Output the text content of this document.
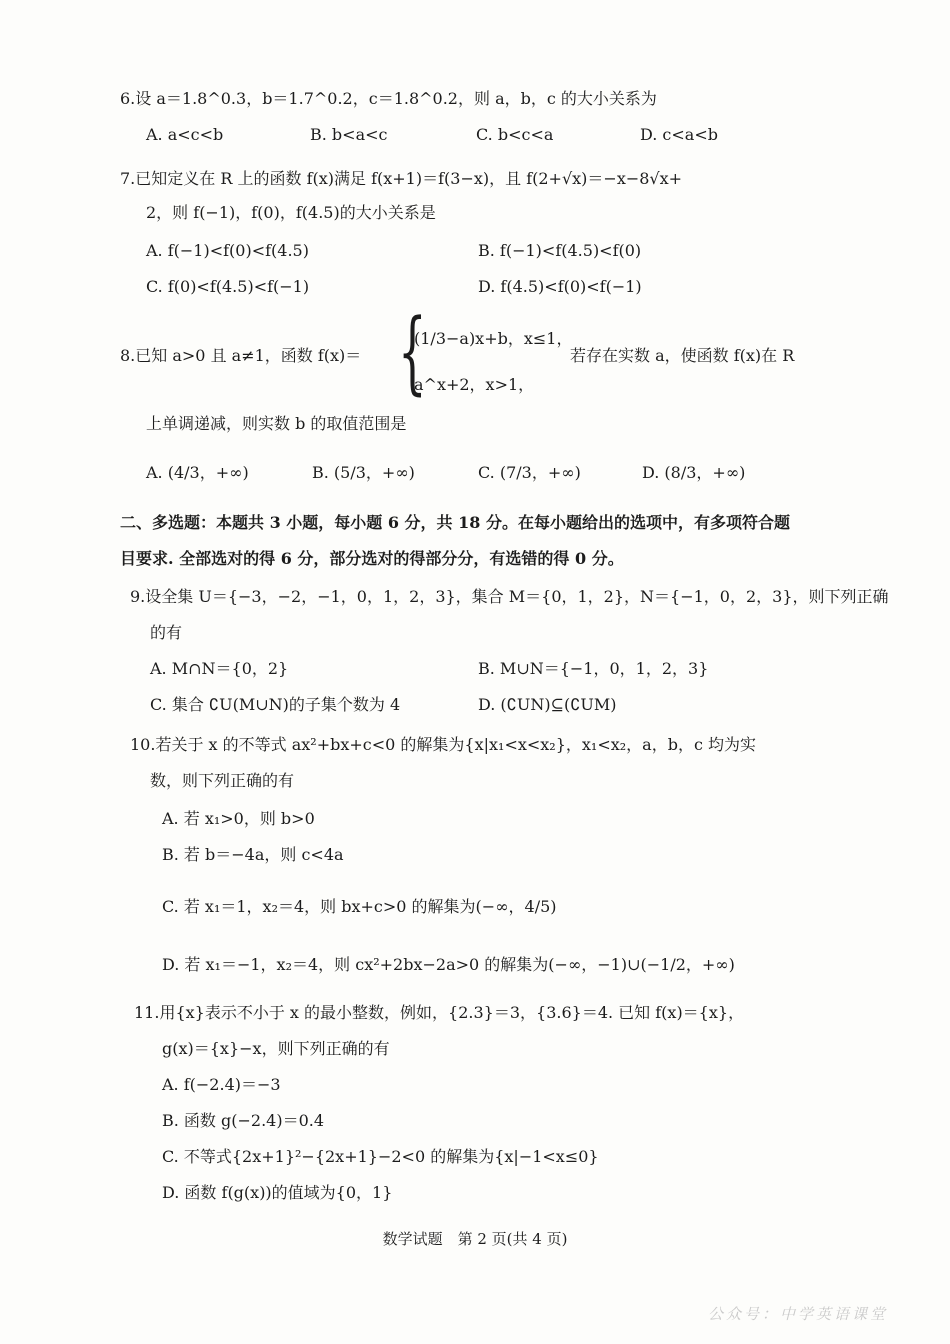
6.设 a＝1.8^0.3，b＝1.7^0.2，c＝1.8^0.2，则 a，b，c 的大小关系为
A. a<c<b	B. b<a<c	C. b<c<a	D. c<a<b
7.已知定义在 R 上的函数 f(x)满足 f(x+1)＝f(3−x)，且 f(2+√x)＝−x−8√x+
2，则 f(−1)，f(0)，f(4.5)的大小关系是
A. f(−1)<f(0)<f(4.5)	B. f(−1)<f(4.5)<f(0)
C. f(0)<f(4.5)<f(−1)	D. f(4.5)<f(0)<f(−1)
8.已知 a>0 且 a≠1，函数 f(x)＝ {
(1/3−a)x+b，x≤1，
a^x+2，x>1，
若存在实数 a，使函数 f(x)在 R
上单调递减，则实数 b 的取值范围是
A. (4/3，+∞)	B. (5/3，+∞)	C. (7/3，+∞)	D. (8/3，+∞)
二、多选题：本题共 3 小题，每小题 6 分，共 18 分。在每小题给出的选项中，有多项符合题
目要求. 全部选对的得 6 分，部分选对的得部分分，有选错的得 0 分。
9.设全集 U＝{−3，−2，−1，0，1，2，3}，集合 M＝{0，1，2}，N＝{−1，0，2，3}，则下列正确
的有
A. M∩N＝{0，2}	B. M∪N＝{−1，0，1，2，3}
C. 集合 ∁U(M∪N)的子集个数为 4	D. (∁UN)⊆(∁UM)
10.若关于 x 的不等式 ax²+bx+c<0 的解集为{x|x₁<x<x₂}，x₁<x₂，a，b，c 均为实
数，则下列正确的有
A. 若 x₁>0，则 b>0
B. 若 b＝−4a，则 c<4a
C. 若 x₁＝1，x₂＝4，则 bx+c>0 的解集为(−∞，4/5)
D. 若 x₁＝−1，x₂＝4，则 cx²+2bx−2a>0 的解集为(−∞，−1)∪(−1/2，+∞)
11.用{x}表示不小于 x 的最小整数，例如，{2.3}＝3，{3.6}＝4. 已知 f(x)＝{x}，
g(x)＝{x}−x，则下列正确的有
A. f(−2.4)＝−3
B. 函数 g(−2.4)＝0.4
C. 不等式{2x+1}²−{2x+1}−2<0 的解集为{x|−1<x≤0}
D. 函数 f(g(x))的值域为{0，1}
数学试题　第 2 页(共 4 页)
公众号：中学英语课堂
